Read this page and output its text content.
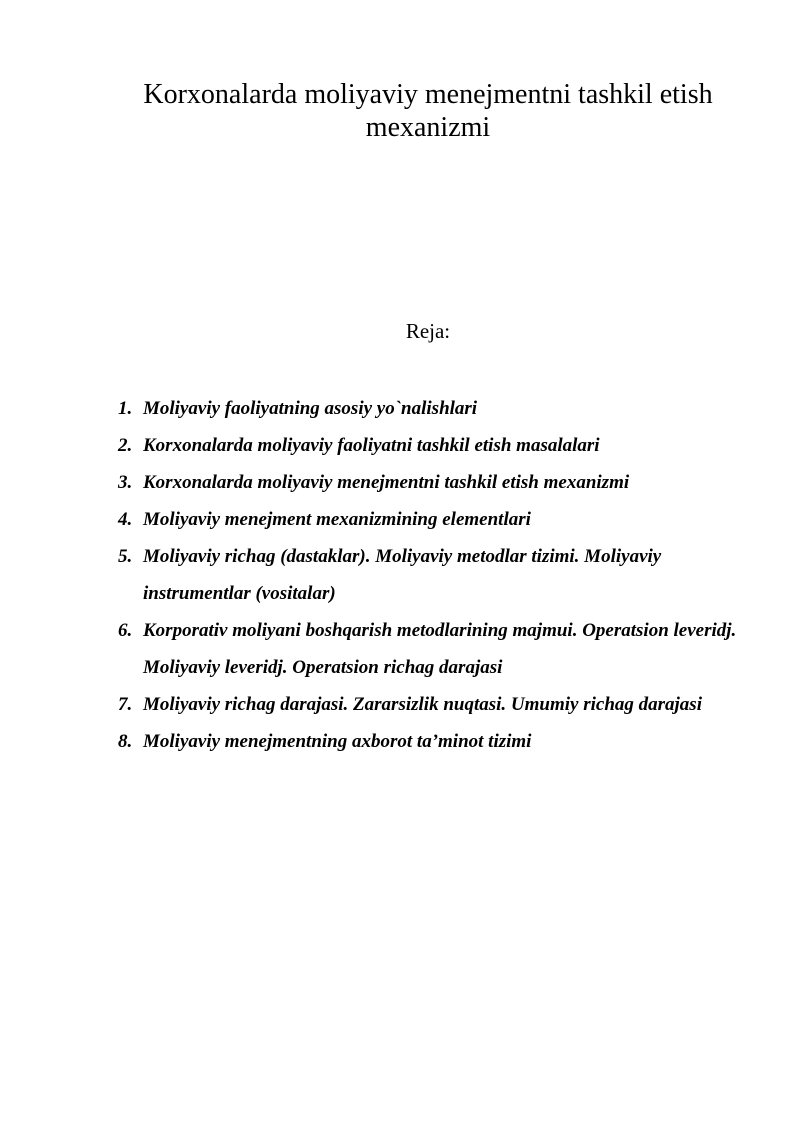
Korxonalarda moliyaviy menejmentni tashkil etish mexanizmi
Reja:
1. Moliyaviy faoliyatning asosiy yo`nalishlari
2. Korxonalarda moliyaviy faoliyatni tashkil etish masalalari
3. Korxonalarda moliyaviy menejmentni tashkil etish mexanizmi
4. Moliyaviy menejment mexanizmining elementlari
5. Moliyaviy richag (dastaklar). Moliyaviy metodlar tizimi. Moliyaviy instrumentlar (vositalar)
6. Korporativ moliyani boshqarish metodlarining majmui. Operatsion leveridj. Moliyaviy leveridj. Operatsion richag darajasi
7. Moliyaviy richag darajasi. Zararsizlik nuqtasi. Umumiy richag darajasi
8. Moliyaviy menejmentning axborot ta’minot tizimi
